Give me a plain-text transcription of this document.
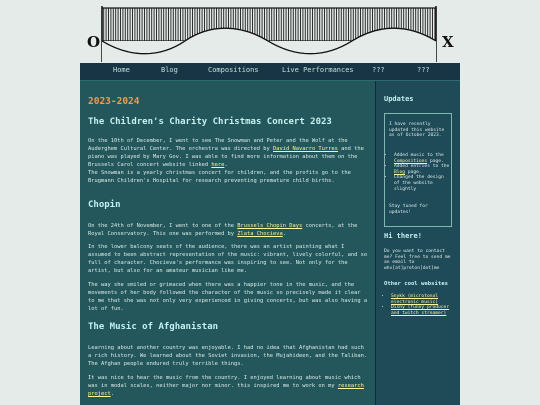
O	X
Home	Blog	Compositions	Live Performances	???	???
2023-2024
The Children's Charity Christmas Concert 2023
On the 10th of December, I went to see The Snowman and Peter and the Wolf at the Auderghem Cultural Center. The orchestra was directed by David Navarro Turres and the piano was played by Mary Gov. I was able to find more information about them on the Brussels Carol concert website linked here.
The Snowman is a yearly christmas concert for children, and the profits go to the Brugmann Children's Hospital for research preventing premature child births.
Chopin
On the 24th of November, I went to one of the Brussels Chopin Days concerts, at the Royal Conservatory. This one was performed by Zlata Chocieva.
In the lower balcony seats of the audience, there was an artist painting what I assumed to been abstract representation of the music: vibrant, lively colorful, and so full of character. Chocieva's performance was inspiring to see. Not only for the artist, but also for an amateur musician like me.
The way she smiled or grimaced when there was a happier tone in the music, and the movements of her body followed the character of the music so precisely made it clear to me that she was not only very experienced in giving concerts, but was also having a lot of fun.
The Music of Afghanistan
Learning about another country was enjoyable. I had no idea that Afghanistan had such a rich history. We learned about the Soviet invasion, the Mujahideen, and the Taliban. The Afghan people endured truly terrible things.
It was nice to hear the music from the country. I enjoyed learning about music which was in modal scales, neither major nor minor. this inspired me to work on my research project.
Updates
I have recently updated this website as of October 2023.
• Added music to the Compositions page.
• Added entries to the Blog page.
• Changed the design of the website slightly
Stay tuned for updates!
Hi there!
Do you want to contact me? Feel free to send me an email to whv[at]proton[dot]me
Other cool websites
• Snykk (microtonal electronic music)
• Dishy (funny producer and twitch streamer)
